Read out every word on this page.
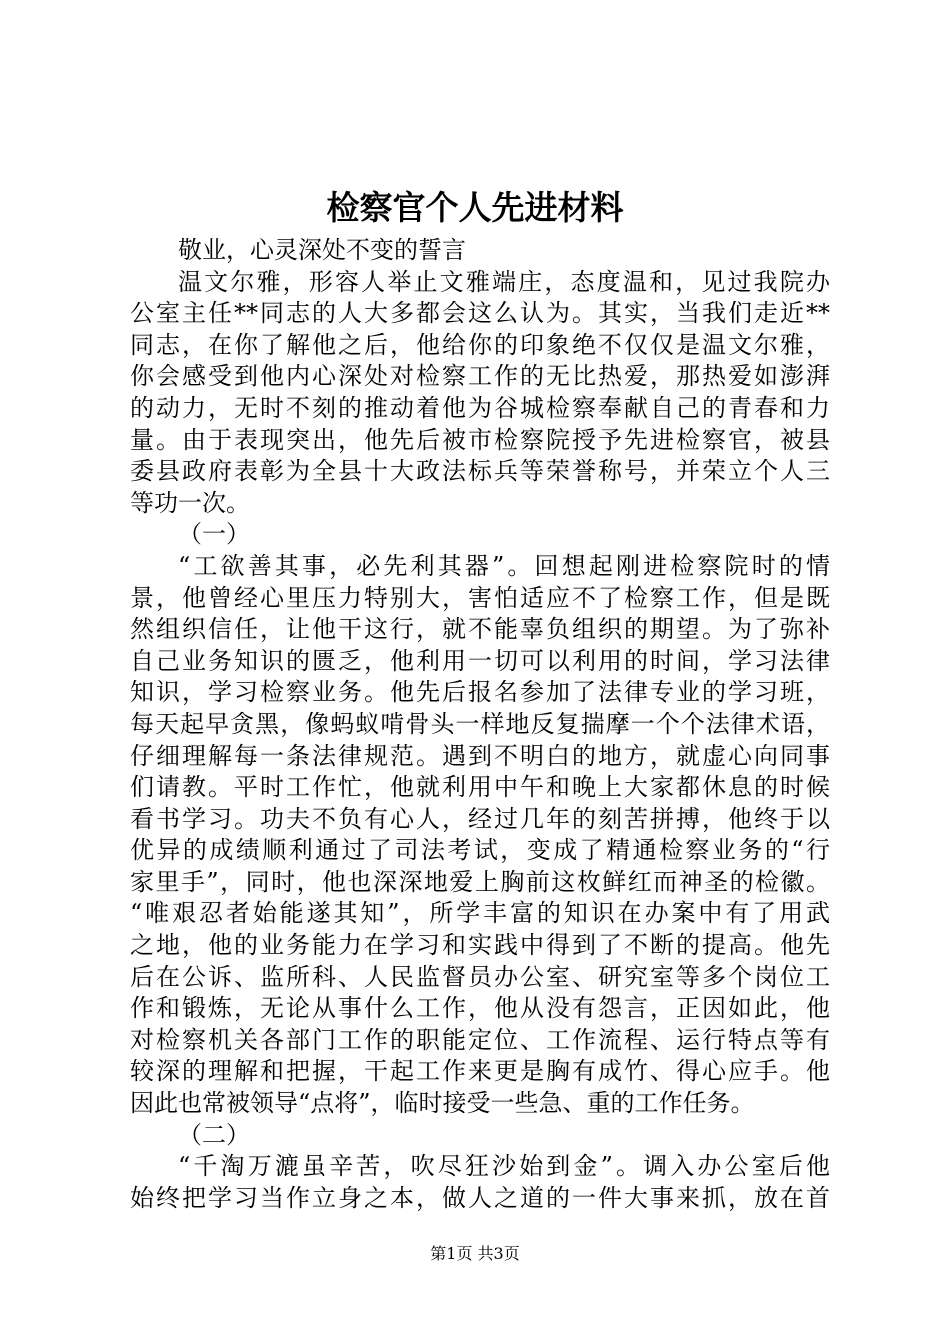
检察官个人先进材料
敬业，心灵深处不变的誓言
温文尔雅，形容人举止文雅端庄，态度温和，见过我院办
公室主任**同志的人大多都会这么认为。其实，当我们走近**
同志，在你了解他之后，他给你的印象绝不仅仅是温文尔雅，
你会感受到他内心深处对检察工作的无比热爱，那热爱如澎湃
的动力，无时不刻的推动着他为谷城检察奉献自己的青春和力
量。由于表现突出，他先后被市检察院授予先进检察官，被县
委县政府表彰为全县十大政法标兵等荣誉称号，并荣立个人三
等功一次。
（一）
“工欲善其事，必先利其器”。回想起刚进检察院时的情
景，他曾经心里压力特别大，害怕适应不了检察工作，但是既
然组织信任，让他干这行，就不能辜负组织的期望。为了弥补
自己业务知识的匮乏，他利用一切可以利用的时间，学习法律
知识，学习检察业务。他先后报名参加了法律专业的学习班，
每天起早贪黑，像蚂蚁啃骨头一样地反复揣摩一个个法律术语，
仔细理解每一条法律规范。遇到不明白的地方，就虚心向同事
们请教。平时工作忙，他就利用中午和晚上大家都休息的时候
看书学习。功夫不负有心人，经过几年的刻苦拼搏，他终于以
优异的成绩顺利通过了司法考试，变成了精通检察业务的“行
家里手”，同时，他也深深地爱上胸前这枚鲜红而神圣的检徽。
“唯艰忍者始能遂其知”，所学丰富的知识在办案中有了用武
之地，他的业务能力在学习和实践中得到了不断的提高。他先
后在公诉、监所科、人民监督员办公室、研究室等多个岗位工
作和锻炼，无论从事什么工作，他从没有怨言，正因如此，他
对检察机关各部门工作的职能定位、工作流程、运行特点等有
较深的理解和把握，干起工作来更是胸有成竹、得心应手。他
因此也常被领导“点将”，临时接受一些急、重的工作任务。
（二）
“千淘万漉虽辛苦，吹尽狂沙始到金”。调入办公室后他
始终把学习当作立身之本，做人之道的一件大事来抓，放在首
第1页 共3页
